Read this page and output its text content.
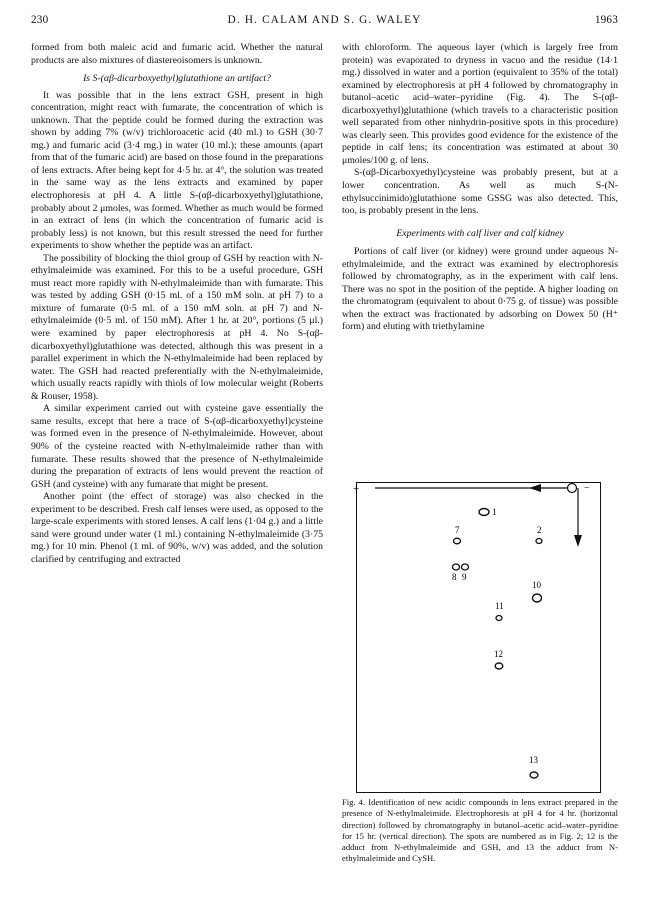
230	D. H. CALAM AND S. G. WALEY	1963

formed from both maleic acid and fumaric acid. Whether the natural products are also mixtures of diastereoisomers is unknown.

Is S-(αβ-dicarboxyethyl)glutathione an artifact?

It was possible that in the lens extract GSH, present in high concentration, might react with fumarate, the concentration of which is unknown. That the peptide could be formed during the extraction was shown by adding 7% (w/v) trichloroacetic acid (40 ml.) to GSH (30·7 mg.) and fumaric acid (3·4 mg.) in water (10 ml.); these amounts (apart from that of the fumaric acid) are based on those found in the preparations of lens extracts. After being kept for 4·5 hr. at 4°, the solution was treated in the same way as the lens extracts and examined by paper electrophoresis at pH 4. A little S-(αβ-dicarboxyethyl)glutathione, probably about 2 μmoles, was formed. Whether as much would be formed in an extract of lens (in which the concentration of fumaric acid is probably less) is not known, but this result stressed the need for further experiments to show whether the peptide was an artifact.

The possibility of blocking the thiol group of GSH by reaction with N-ethylmaleimide was examined. For this to be a useful procedure, GSH must react more rapidly with N-ethylmaleimide than with fumarate. This was tested by adding GSH (0·15 ml. of a 150 mM soln. at pH 7) to a mixture of fumarate (0·5 ml. of a 150 mM soln. at pH 7) and N-ethylmaleimide (0·5 ml. of 150 mM). After 1 hr. at 20°, portions (5 μl.) were examined by paper electrophoresis at pH 4. No S-(αβ-dicarboxyethyl)glutathione was detected, although this was present in a parallel experiment in which the N-ethylmaleimide had been replaced by water. The GSH had reacted preferentially with the N-ethylmaleimide, which usually reacts rapidly with thiols of low molecular weight (Roberts & Rouser, 1958).

A similar experiment carried out with cysteine gave essentially the same results, except that here a trace of S-(αβ-dicarboxyethyl)cysteine was formed even in the presence of N-ethylmaleimide. However, about 90% of the cysteine reacted with N-ethylmaleimide rather than with fumarate. These results showed that the presence of N-ethylmaleimide during the preparation of extracts of lens would prevent the reaction of GSH (and cysteine) with any fumarate that might be present.

Another point (the effect of storage) was also checked in the experiment to be described. Fresh calf lenses were used, as opposed to the large-scale experiments with stored lenses. A calf lens (1·04 g.) and a little sand were ground under water (1 ml.) containing N-ethylmaleimide (3·75 mg.) for 10 min. Phenol (1 ml. of 90%, w/v) was added, and the solution clarified by centrifuging and extracted

with chloroform. The aqueous layer (which is largely free from protein) was evaporated to dryness in vacuo and the residue (14·1 mg.) dissolved in water and a portion (equivalent to 35% of the total) examined by electrophoresis at pH 4 followed by chromatography in butanol–acetic acid–water–pyridine (Fig. 4). The S-(αβ-dicarboxyethyl)glutathione (which travels to a characteristic position well separated from other ninhydrin-positive spots in this procedure) was clearly seen. This provides good evidence for the existence of the peptide in calf lens; its concentration was estimated at about 30 μmoles/100 g. of lens.

S-(αβ-Dicarboxyethyl)cysteine was probably present, but at a lower concentration. As well as much S-(N-ethylsuccinimido)glutathione some GSSG was also detected. This, too, is probably present in the lens.

Experiments with calf liver and calf kidney

Portions of calf liver (or kidney) were ground under aqueous N-ethylmaleimide, and the extract was examined by electrophoresis followed by chromatography, as in the experiment with calf lens. There was no spot in the position of the peptide. A higher loading on the chromatogram (equivalent to about 0·75 g. of tissue) was possible when the extract was fractionated by adsorbing on Dowex 50 (H⁺ form) and eluting with triethylamine

+	−
1
2
7
8 9
10
11
12
13
Fig. 4. Identification of new acidic compounds in lens extract prepared in the presence of N-ethylmaleimide. Electrophoresis at pH 4 for 4 hr. (horizontal direction) followed by chromatography in butanol–acetic acid–water–pyridine for 15 hr. (vertical direction). The spots are numbered as in Fig. 2; 12 is the adduct from N-ethylmaleimide and GSH, and 13 the adduct from N-ethylmaleimide and CySH.
